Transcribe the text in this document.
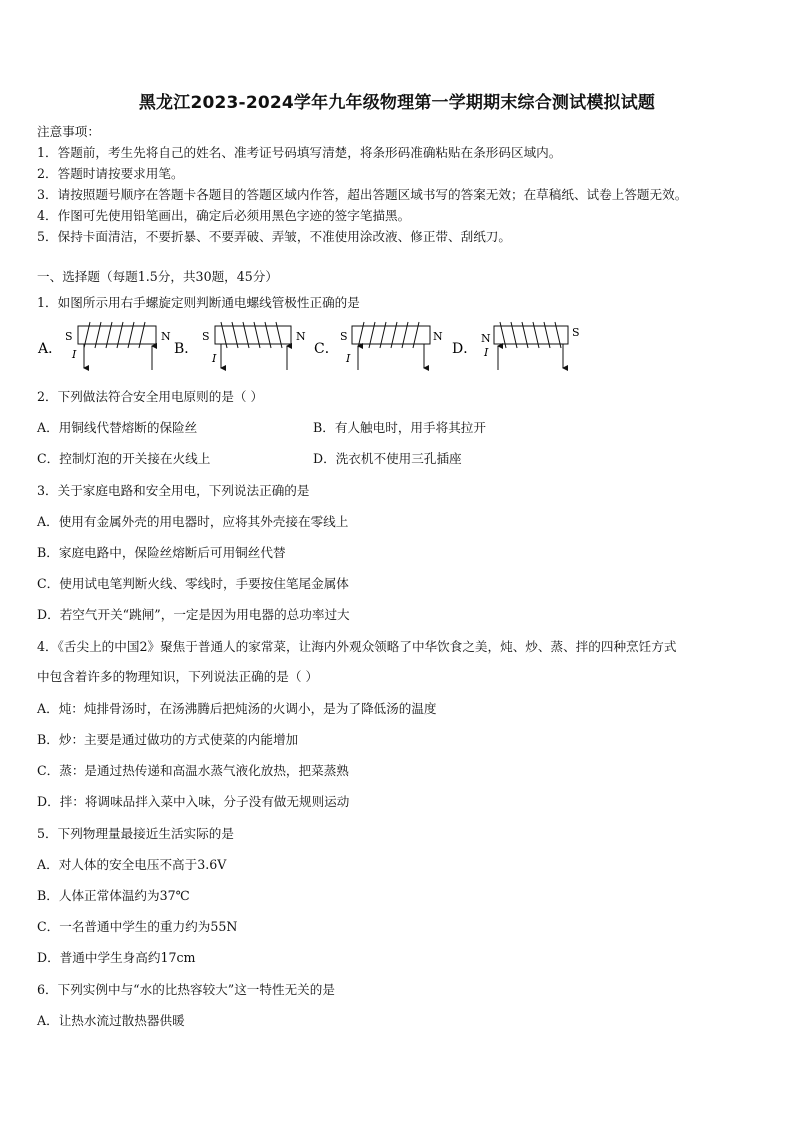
黑龙江2023-2024学年九年级物理第一学期期末综合测试模拟试题
注意事项：
1．答题前，考生先将自己的姓名、准考证号码填写清楚，将条形码准确粘贴在条形码区域内。
2．答题时请按要求用笔。
3．请按照题号顺序在答题卡各题目的答题区域内作答，超出答题区域书写的答案无效；在草稿纸、试卷上答题无效。
4．作图可先使用铅笔画出，确定后必须用黑色字迹的签字笔描黑。
5．保持卡面清洁，不要折暴、不要弄破、弄皱，不准使用涂改液、修正带、刮纸刀。
一、选择题（每题1.5分，共30题，45分）
1．如图所示用右手螺旋定则判断通电螺线管极性正确的是
A．
S	N
I	B．
S	N
I
C．
S	N
I
D．
N	S
I
2．下列做法符合安全用电原则的是（ ）
A．用铜线代替熔断的保险丝	B．有人触电时，用手将其拉开
C．控制灯泡的开关接在火线上	D．洗衣机不使用三孔插座
3．关于家庭电路和安全用电，下列说法正确的是
A．使用有金属外壳的用电器时，应将其外壳接在零线上
B．家庭电路中，保险丝熔断后可用铜丝代替
C．使用试电笔判断火线、零线时，手要按住笔尾金属体
D．若空气开关“跳闸”，一定是因为用电器的总功率过大
4．《舌尖上的中国2》聚焦于普通人的家常菜，让海内外观众领略了中华饮食之美，炖、炒、蒸、拌的四种烹饪方式
中包含着许多的物理知识，下列说法正确的是（ ）
A．炖：炖排骨汤时，在汤沸腾后把炖汤的火调小，是为了降低汤的温度
B．炒：主要是通过做功的方式使菜的内能增加
C．蒸：是通过热传递和高温水蒸气液化放热，把菜蒸熟
D．拌：将调味品拌入菜中入味，分子没有做无规则运动
5．下列物理量最接近生活实际的是
A．对人体的安全电压不高于3.6V
B．人体正常体温约为37℃
C．一名普通中学生的重力约为55N
D．普通中学生身高约17cm
6．下列实例中与“水的比热容较大”这一特性无关的是
A．让热水流过散热器供暖
